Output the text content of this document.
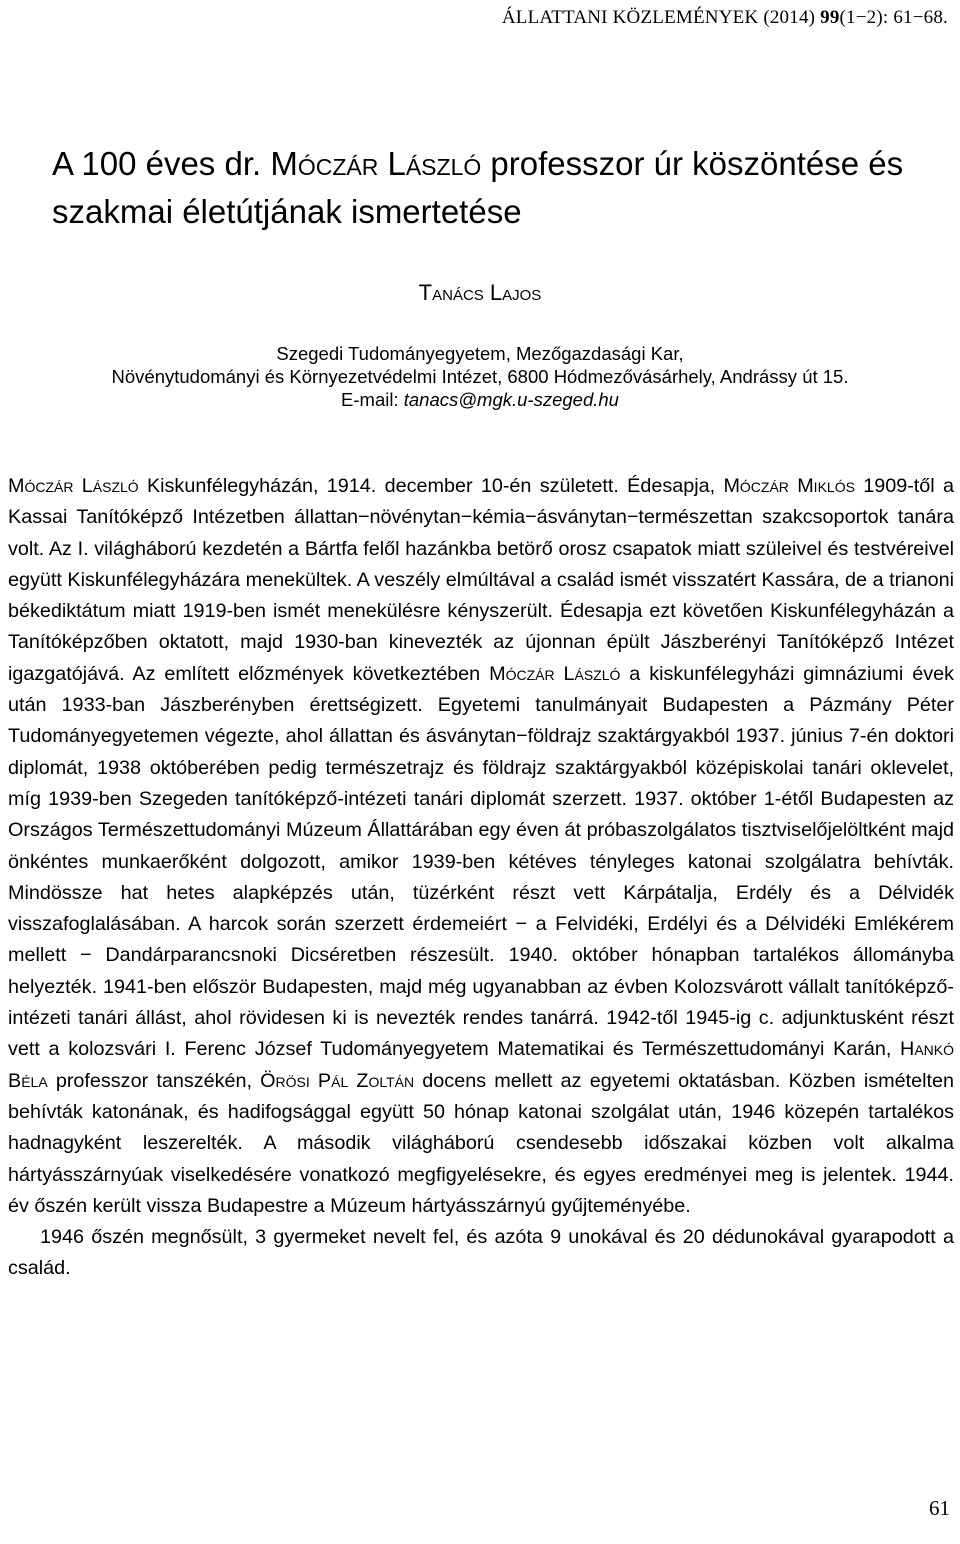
ÁLLATTANI KÖZLEMÉNYEK (2014) 99(1−2): 61−68.
A 100 éves dr. Móczár László professzor úr köszöntése és
szakmai életútjának ismertetése
Tanács Lajos
Szegedi Tudományegyetem, Mezőgazdasági Kar,
Növénytudományi és Környezetvédelmi Intézet, 6800 Hódmezővásárhely, Andrássy út 15.
E-mail: tanacs@mgk.u-szeged.hu

Móczár László Kiskunfélegyházán, 1914. december 10-én született. Édesapja, Móczár Miklós 1909-től a Kassai Tanítóképző Intézetben állattan−növénytan−kémia−ásványtan−természettan szakcsoportok tanára volt. Az I. világháború kezdetén a Bártfa felől hazánkba betörő orosz csapatok miatt szüleivel és testvéreivel együtt Kiskunfélegyházára menekültek. A veszély elmúltával a család ismét visszatért Kassára, de a trianoni békediktátum miatt 1919-ben ismét menekülésre kényszerült. Édesapja ezt követően Kiskunfélegyházán a Tanítóképzőben oktatott, majd 1930-ban kinevezték az újonnan épült Jászberényi Tanítóképző Intézet igazgatójává. Az említett előzmények következtében Móczár László a kiskunfélegyházi gimnáziumi évek után 1933-ban Jászberényben érettségizett. Egyetemi tanulmányait Budapesten a Pázmány Péter Tudományegyetemen végezte, ahol állattan és ásványtan−földrajz szaktárgyakból 1937. június 7-én doktori diplomát, 1938 októberében pedig természetrajz és földrajz szaktárgyakból középiskolai tanári oklevelet, míg 1939-ben Szegeden tanítóképző-intézeti tanári diplomát szerzett. 1937. október 1-étől Budapesten az Országos Természettudományi Múzeum Állattárában egy éven át próbaszolgálatos tisztviselőjelöltként majd önkéntes munkaerőként dolgozott, amikor 1939-ben kétéves tényleges katonai szolgálatra behívták. Mindössze hat hetes alapképzés után, tüzérként részt vett Kárpátalja, Erdély és a Délvidék visszafoglalásában. A harcok során szerzett érdemeiért − a Felvidéki, Erdélyi és a Délvidéki Emlékérem mellett − Dandárparancsnoki Dicséretben részesült. 1940. október hónapban tartalékos állományba helyezték. 1941-ben először Budapesten, majd még ugyanabban az évben Kolozsvárott vállalt tanítóképző-intézeti tanári állást, ahol rövidesen ki is nevezték rendes tanárrá. 1942-től 1945-ig c. adjunktusként részt vett a kolozsvári I. Ferenc József Tudományegyetem Matematikai és Természettudományi Karán, Hankó Béla professzor tanszékén, Örösi Pál Zoltán docens mellett az egyetemi oktatásban. Közben ismételten behívták katonának, és hadifogsággal együtt 50 hónap katonai szolgálat után, 1946 közepén tartalékos hadnagyként leszerelték. A második világháború csendesebb időszakai közben volt alkalma hártyásszárnyúak viselkedésére vonatkozó megfigyelésekre, és egyes eredményei meg is jelentek. 1944. év őszén került vissza Budapestre a Múzeum hártyásszárnyú gyűjteményébe.

1946 őszén megnősült, 3 gyermeket nevelt fel, és azóta 9 unokával és 20 dédunokával gyarapodott a család.

61
